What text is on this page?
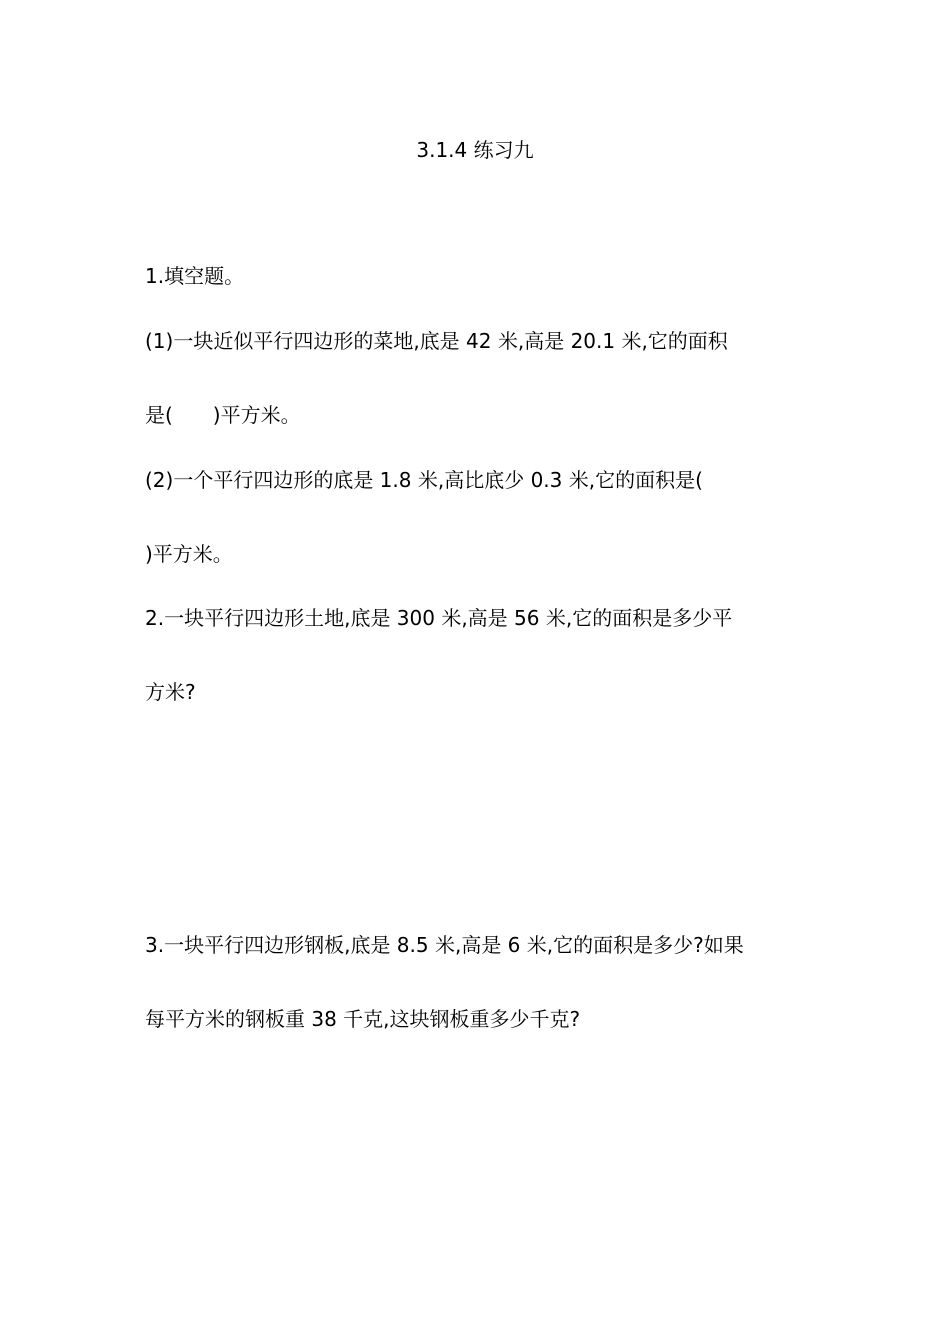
3.1.4 练习九
1.填空题。
(1)一块近似平行四边形的菜地,底是 42 米,高是 20.1 米,它的面积
是(　　)平方米。
(2)一个平行四边形的底是 1.8 米,高比底少 0.3 米,它的面积是(
)平方米。
2.一块平行四边形土地,底是 300 米,高是 56 米,它的面积是多少平
方米?
3.一块平行四边形钢板,底是 8.5 米,高是 6 米,它的面积是多少?如果
每平方米的钢板重 38 千克,这块钢板重多少千克?
